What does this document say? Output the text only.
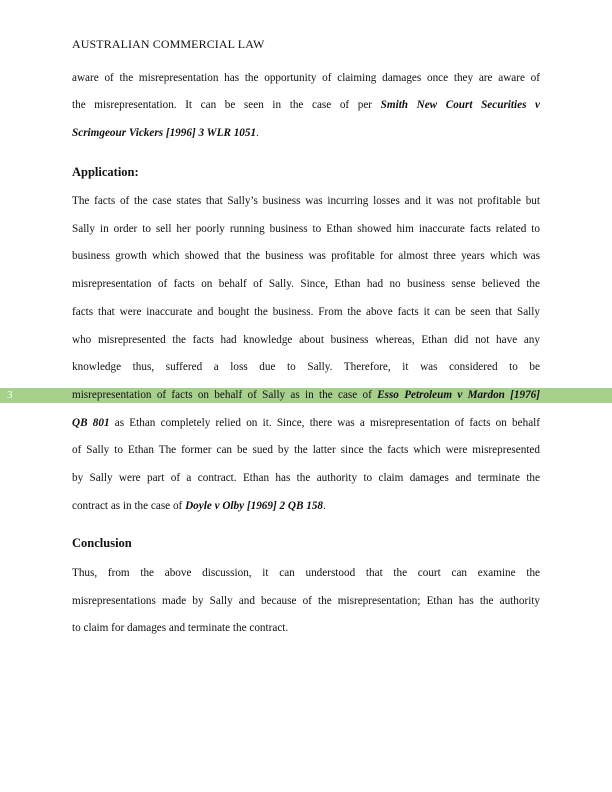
AUSTRALIAN COMMERCIAL LAW
3
aware of the misrepresentation has the opportunity of claiming damages once they are aware of
the misrepresentation. It can be seen in the case of per Smith New Court Securities v
Scrimgeour Vickers [1996] 3 WLR 1051.
Application:
The facts of the case states that Sally’s business was incurring losses and it was not profitable but
Sally in order to sell her poorly running business to Ethan showed him inaccurate facts related to
business growth which showed that the business was profitable for almost three years which was
misrepresentation of facts on behalf of Sally. Since, Ethan had no business sense believed the
facts that were inaccurate and bought the business. From the above facts it can be seen that Sally
who misrepresented the facts had knowledge about business whereas, Ethan did not have any
knowledge thus, suffered a loss due to Sally. Therefore, it was considered to be
misrepresentation of facts on behalf of Sally as in the case of Esso Petroleum v Mardon [1976]
QB 801 as Ethan completely relied on it. Since, there was a misrepresentation of facts on behalf
of Sally to Ethan The former can be sued by the latter since the facts which were misrepresented
by Sally were part of a contract. Ethan has the authority to claim damages and terminate the
contract as in the case of Doyle v Olby [1969] 2 QB 158.
Conclusion
Thus, from the above discussion, it can understood that the court can examine the
misrepresentations made by Sally and because of the misrepresentation; Ethan has the authority
to claim for damages and terminate the contract.
